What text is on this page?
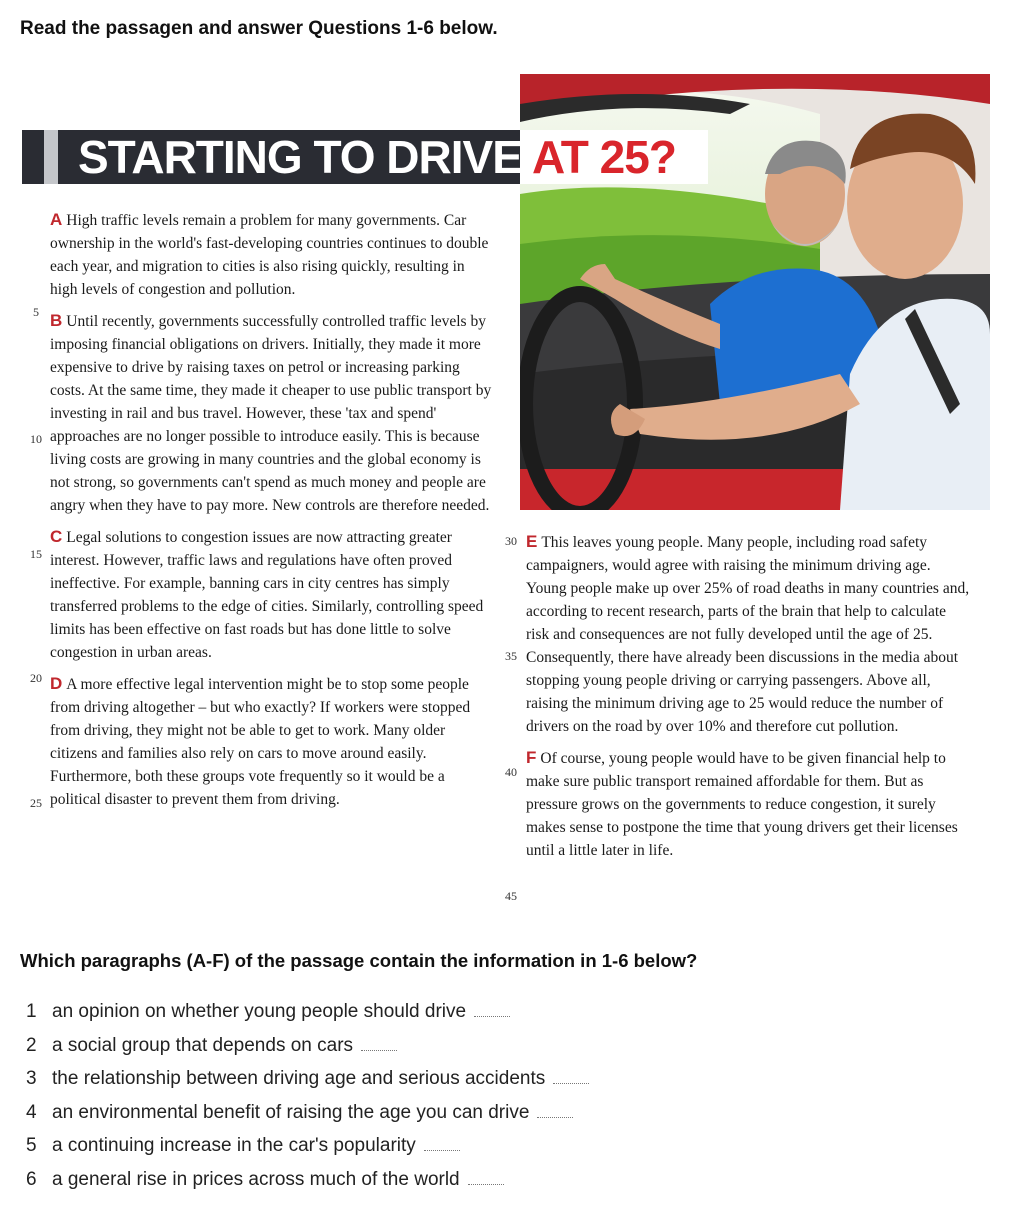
Read the passagen and answer Questions 1-6 below.
STARTING TO DRIVE AT 25?
5
10
15
20
25
30
35
40
45

A High traffic levels remain a problem for many governments. Car ownership in the world's fast-developing countries continues to double each year, and migration to cities is also rising quickly, resulting in high levels of congestion and pollution.

B Until recently, governments successfully controlled traffic levels by imposing financial obligations on drivers. Initially, they made it more expensive to drive by raising taxes on petrol or increasing parking costs. At the same time, they made it cheaper to use public transport by investing in rail and bus travel. However, these 'tax and spend' approaches are no longer possible to introduce easily. This is because living costs are growing in many countries and the global economy is not strong, so governments can't spend as much money and people are angry when they have to pay more. New controls are therefore needed.

C Legal solutions to congestion issues are now attracting greater interest. However, traffic laws and regulations have often proved ineffective. For example, banning cars in city centres has simply transferred problems to the edge of cities. Similarly, controlling speed limits has been effective on fast roads but has done little to solve congestion in urban areas.

D A more effective legal intervention might be to stop some people from driving altogether – but who exactly? If workers were stopped from driving, they might not be able to get to work. Many older citizens and families also rely on cars to move around easily. Furthermore, both these groups vote frequently so it would be a political disaster to prevent them from driving.

E This leaves young people. Many people, including road safety campaigners, would agree with raising the minimum driving age. Young people make up over 25% of road deaths in many countries and, according to recent research, parts of the brain that help to calculate risk and consequences are not fully developed until the age of 25. Consequently, there have already been discussions in the media about stopping young people driving or carrying passengers. Above all, raising the minimum driving age to 25 would reduce the number of drivers on the road by over 10% and therefore cut pollution.

F Of course, young people would have to be given financial help to make sure public transport remained affordable for them. But as pressure grows on the governments to reduce congestion, it surely makes sense to postpone the time that young drivers get their licenses until a little later in life.

Which paragraphs (A-F) of the passage contain the information in 1-6 below?
1 an opinion on whether young people should drive
2 a social group that depends on cars
3 the relationship between driving age and serious accidents
4 an environmental benefit of raising the age you can drive
5 a continuing increase in the car's popularity
6 a general rise in prices across much of the world
